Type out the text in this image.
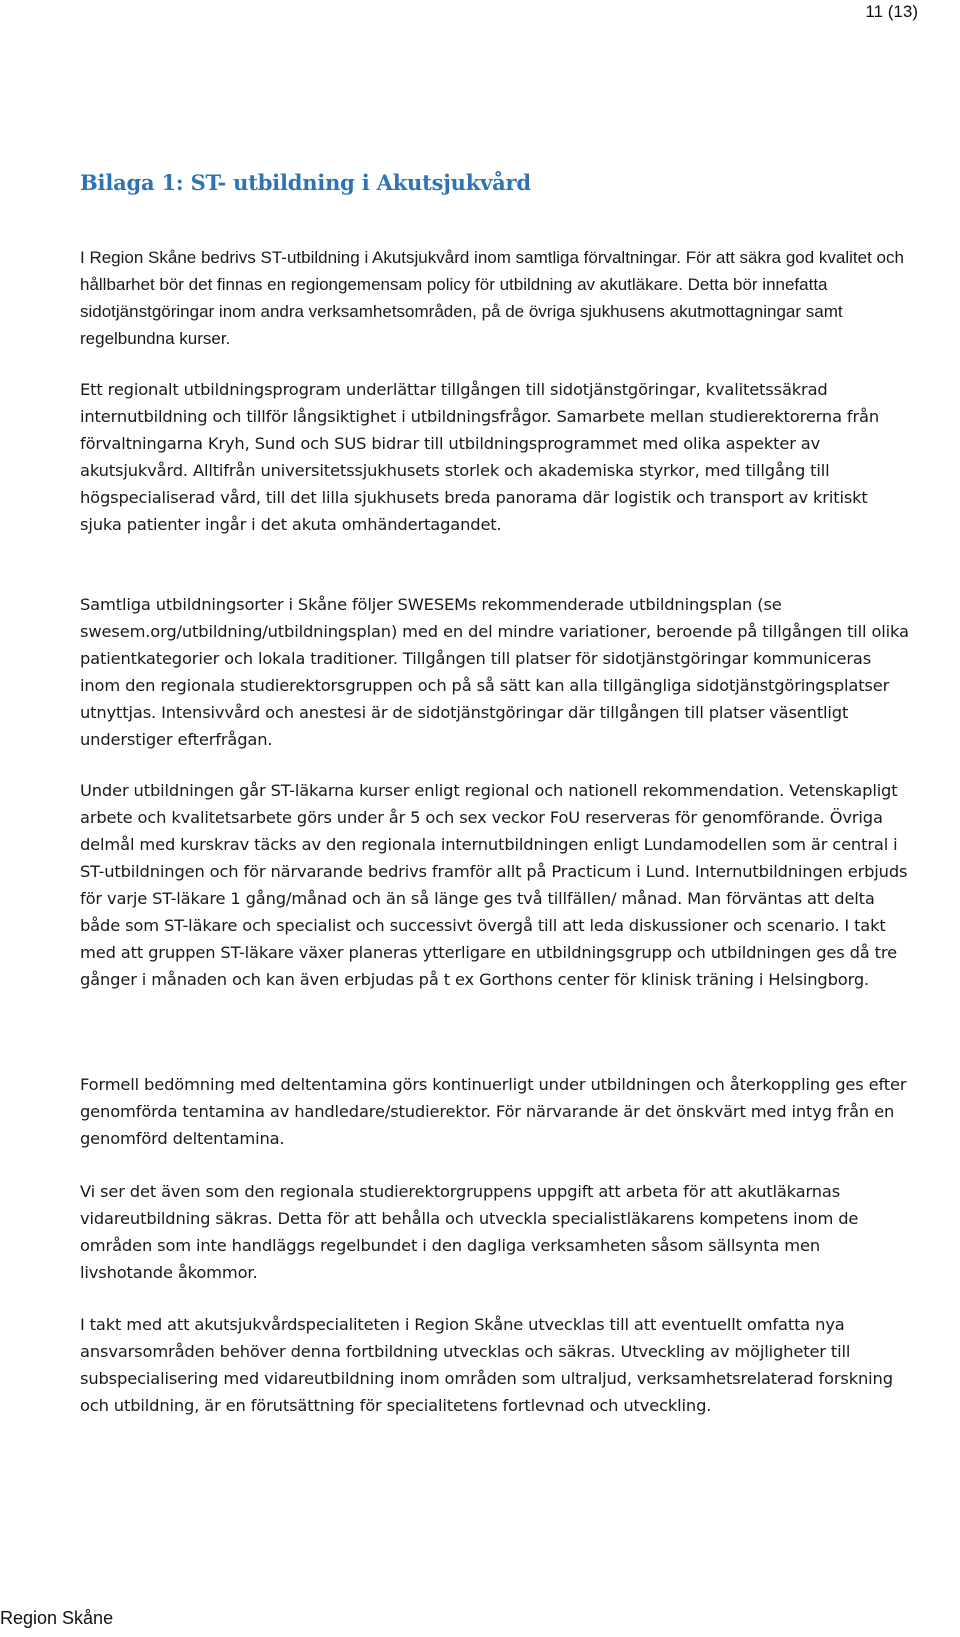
11 (13)
Bilaga 1: ST- utbildning i Akutsjukvård

I Region Skåne bedrivs ST-utbildning i Akutsjukvård inom samtliga förvaltningar. För att säkra god kvalitet och hållbarhet bör det finnas en regiongemensam policy för utbildning av akutläkare. Detta bör innefatta sidotjänstgöringar inom andra verksamhetsområden, på de övriga sjukhusens akutmottagningar samt regelbundna kurser.

Ett regionalt utbildningsprogram underlättar tillgången till sidotjänstgöringar, kvalitetssäkrad internutbildning och tillför långsiktighet i utbildningsfrågor. Samarbete mellan studierektorerna från förvaltningarna Kryh, Sund och SUS bidrar till utbildningsprogrammet med olika aspekter av akutsjukvård. Alltifrån universitetssjukhusets storlek och akademiska styrkor, med tillgång till högspecialiserad vård, till det lilla sjukhusets breda panorama där logistik och transport av kritiskt sjuka patienter ingår i det akuta omhändertagandet.

Samtliga utbildningsorter i Skåne följer SWESEMs rekommenderade utbildningsplan (se swesem.org/utbildning/utbildningsplan) med en del mindre variationer, beroende på tillgången till olika patientkategorier och lokala traditioner. Tillgången till platser för sidotjänstgöringar kommuniceras inom den regionala studierektorsgruppen och på så sätt kan alla tillgängliga sidotjänstgöringsplatser utnyttjas. Intensivvård och anestesi är de sidotjänstgöringar där tillgången till platser väsentligt understiger efterfrågan.

Under utbildningen går ST-läkarna kurser enligt regional och nationell rekommendation. Vetenskapligt arbete och kvalitetsarbete görs under år 5 och sex veckor FoU reserveras för genomförande. Övriga delmål med kurskrav täcks av den regionala internutbildningen enligt Lundamodellen som är central i ST-utbildningen och för närvarande bedrivs framför allt på Practicum i Lund. Internutbildningen erbjuds för varje ST-läkare 1 gång/månad och än så länge ges två tillfällen/ månad. Man förväntas att delta både som ST-läkare och specialist och successivt övergå till att leda diskussioner och scenario. I takt med att gruppen ST-läkare växer planeras ytterligare en utbildningsgrupp och utbildningen ges då tre gånger i månaden och kan även erbjudas på t ex Gorthons center för klinisk träning i Helsingborg.

Formell bedömning med deltentamina görs kontinuerligt under utbildningen och återkoppling ges efter genomförda tentamina av handledare/studierektor. För närvarande är det önskvärt med intyg från en genomförd deltentamina.

Vi ser det även som den regionala studierektorgruppens uppgift att arbeta för att akutläkarnas vidareutbildning säkras. Detta för att behålla och utveckla specialistläkarens kompetens inom de områden som inte handläggs regelbundet i den dagliga verksamheten såsom sällsynta men livshotande åkommor.

I takt med att akutsjukvårdspecialiteten i Region Skåne utvecklas till att eventuellt omfatta nya ansvarsområden behöver denna fortbildning utvecklas och säkras. Utveckling av möjligheter till subspecialisering med vidareutbildning inom områden som ultraljud, verksamhetsrelaterad forskning och utbildning, är en förutsättning för specialitetens fortlevnad och utveckling.

Region Skåne
